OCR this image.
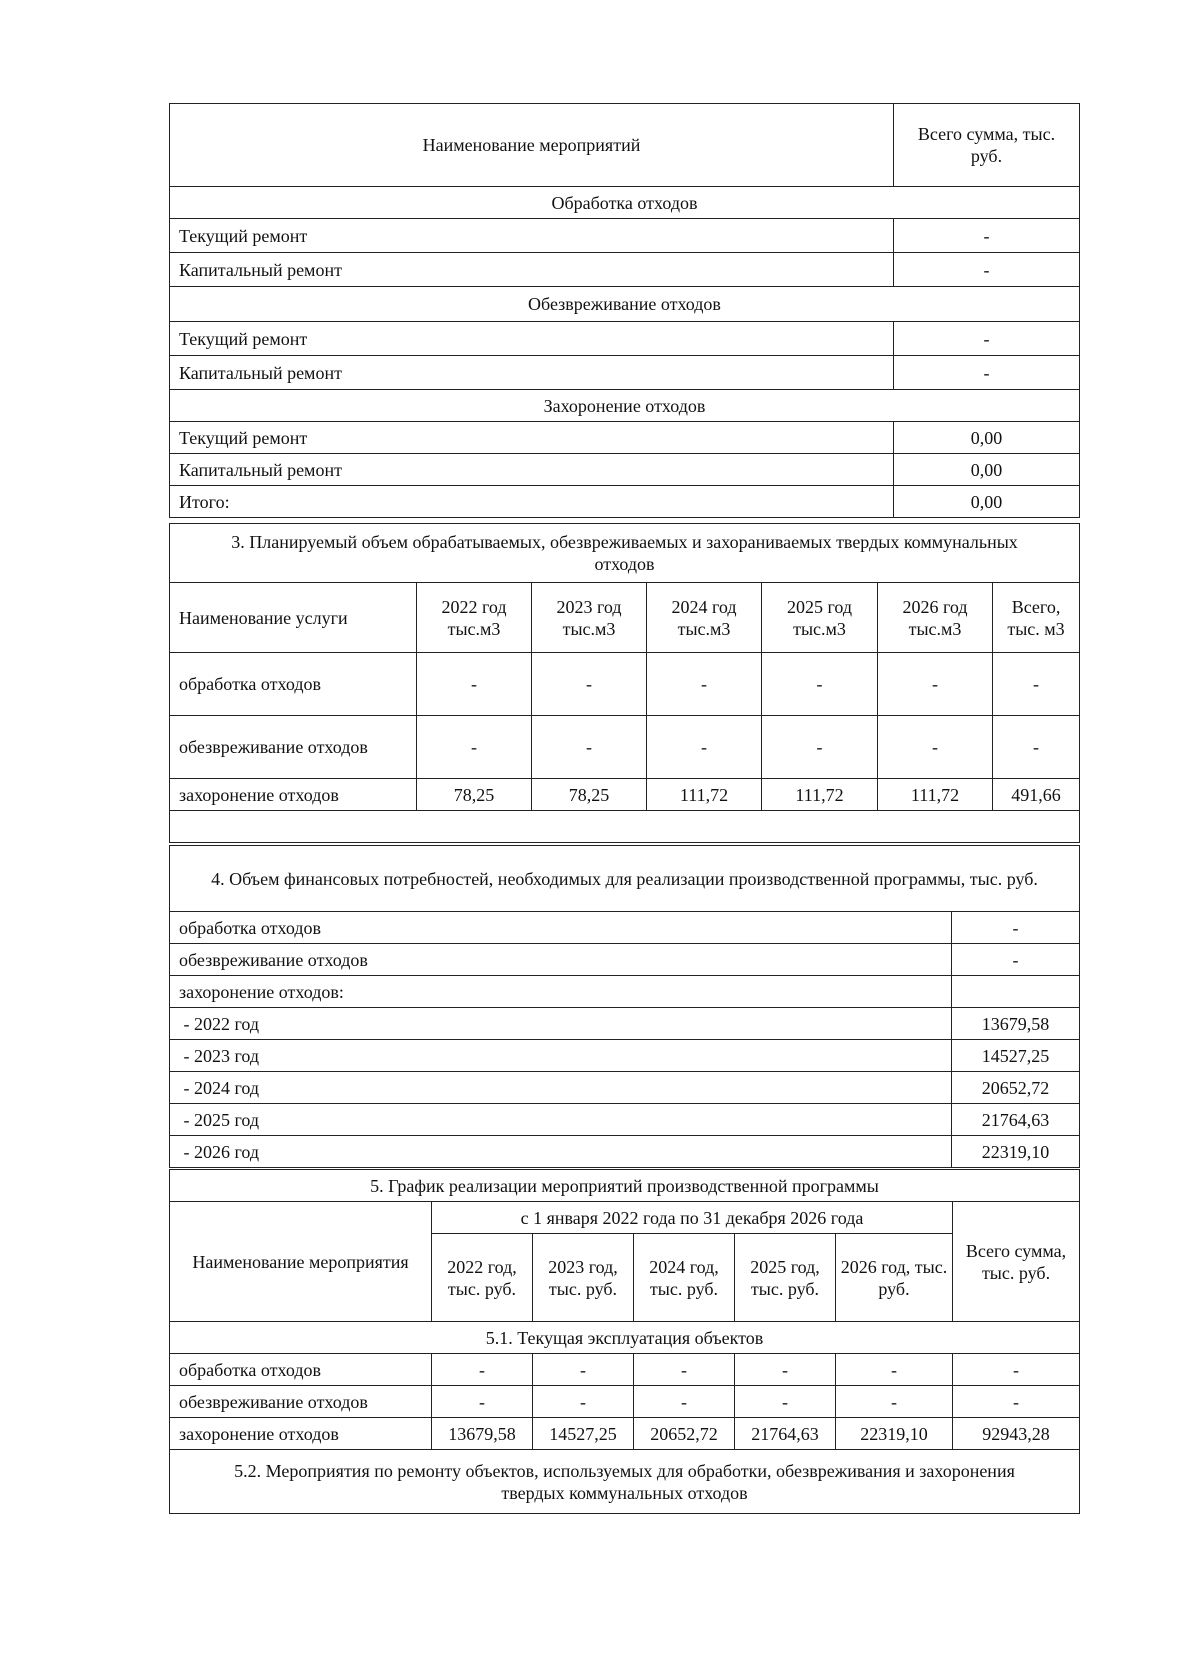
Наименование мероприятий	Всего сумма, тыс. руб.
Обработка отходов	
Текущий ремонт	-
Капитальный ремонт	-
Обезвреживание отходов	
Текущий ремонт	-
Капитальный ремонт	-
Захоронение отходов	
Текущий ремонт	0,00
Капитальный ремонт	0,00
Итого:	0,00
3. Планируемый объем обрабатываемых, обезвреживаемых и захораниваемых твердых коммунальных отходов						
Наименование услуги	2022 год тыс.м3	2023 год тыс.м3	2024 год тыс.м3	2025 год тыс.м3	2026 год тыс.м3	Всего, тыс. м3
обработка отходов	-	-	-	-	-	-
обезвреживание отходов	-	-	-	-	-	-
захоронение отходов	78,25	78,25	111,72	111,72	111,72	491,66

4. Объем финансовых потребностей, необходимых для реализации производственной программы, тыс. руб.	
обработка отходов	-
обезвреживание отходов	-
захоронение отходов:	
- 2022 год	13679,58
- 2023 год	14527,25
- 2024 год	20652,72
- 2025 год	21764,63
- 2026 год	22319,10
5. График реализации мероприятий производственной программы						
Наименование мероприятия	с 1 января 2022 года по 31 декабря 2026 года					Всего сумма, тыс. руб.
	2022 год, тыс. руб.	2023 год, тыс. руб.	2024 год, тыс. руб.	2025 год, тыс. руб.	2026 год, тыс. руб.	
5.1. Текущая эксплуатация объектов						
обработка отходов	-	-	-	-	-	-
обезвреживание отходов	-	-	-	-	-	-
захоронение отходов	13679,58	14527,25	20652,72	21764,63	22319,10	92943,28
5.2. Мероприятия по ремонту объектов, используемых для обработки, обезвреживания и захоронения твердых коммунальных отходов						
